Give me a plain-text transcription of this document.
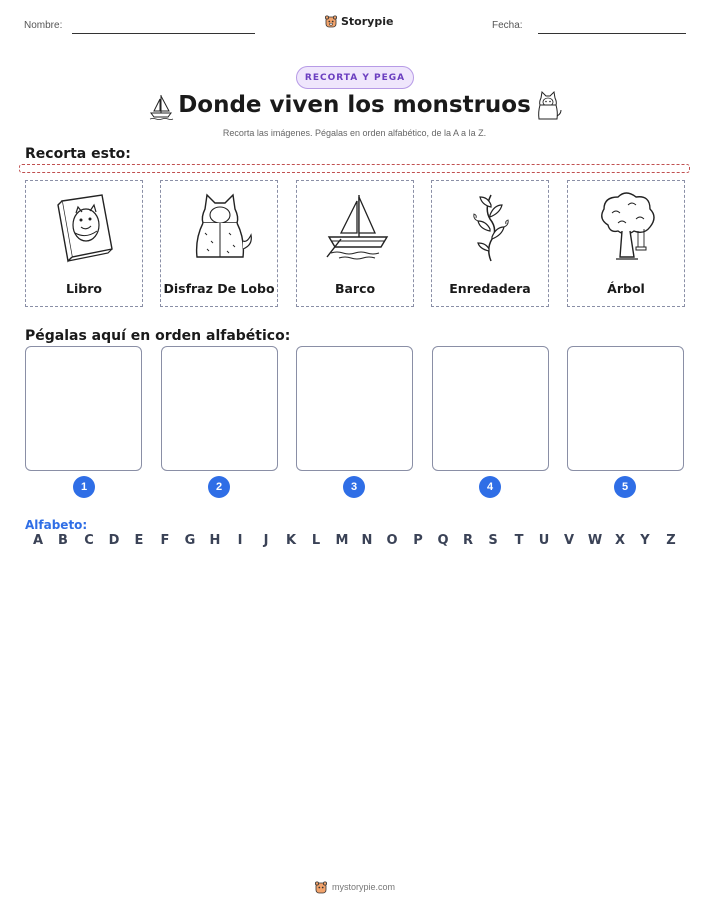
Nombre:	Storypie	Fecha:
RECORTA Y PEGA
Donde viven los monstruos
Recorta las imágenes. Pégalas en orden alfabético, de la A a la Z.
Recorta esto:
Libro	Disfraz De Lobo	Barco	Enredadera	Árbol
Pégalas aquí en orden alfabético:
1	2	3	4	5
Alfabeto:
A	B	C	D	E	F	G	H	I	J	K	L	M	N	O	P	Q	R	S	T	U	V	W X	Y	Z
mystorypie.com
